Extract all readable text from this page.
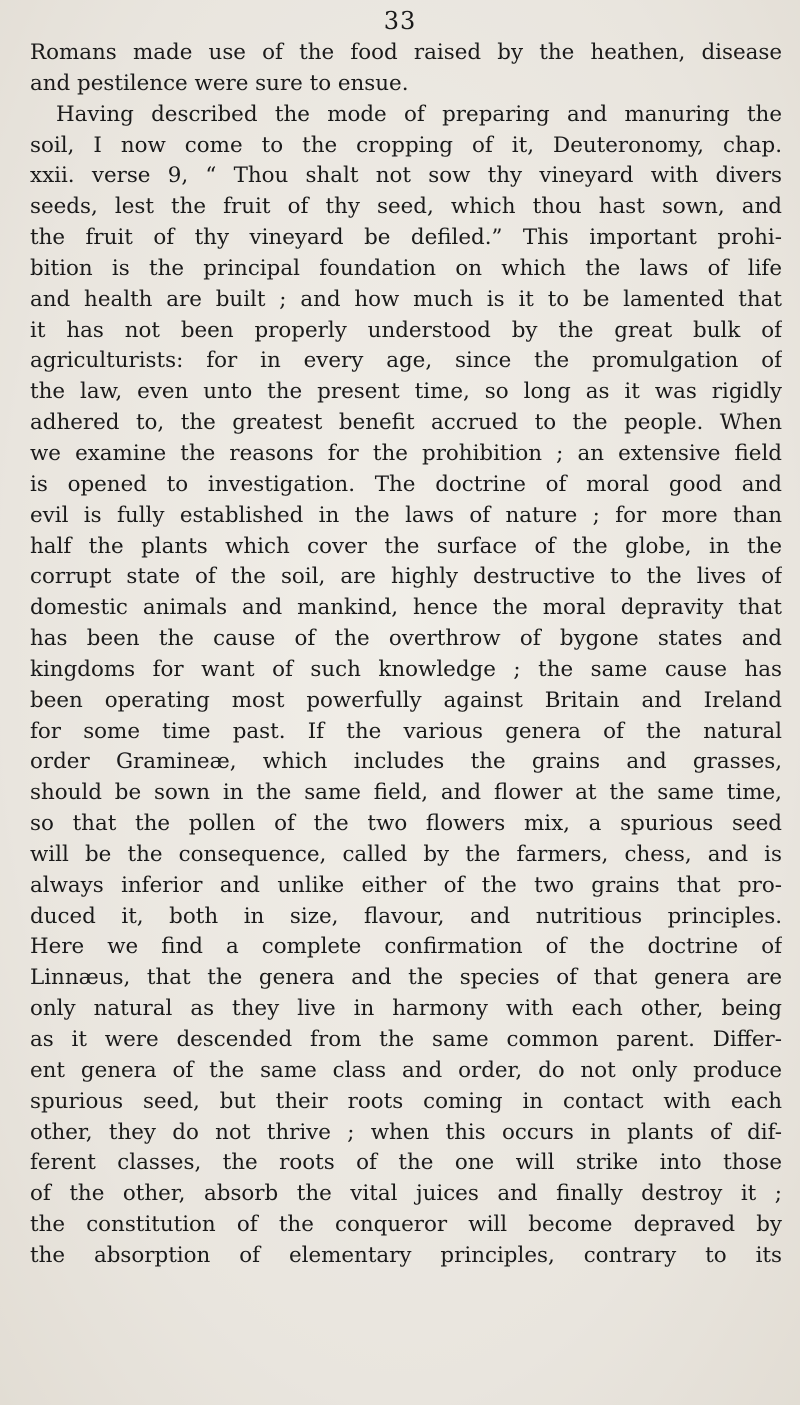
33
Romans made use of the food raised by the heathen, disease
and pestilence were sure to ensue.
Having described the mode of preparing and manuring the
soil, I now come to the cropping of it, Deuteronomy, chap.
xxii. verse 9, “ Thou shalt not sow thy vineyard with divers
seeds, lest the fruit of thy seed, which thou hast sown, and
the fruit of thy vineyard be defiled.” This important prohi-
bition is the principal foundation on which the laws of life
and health are built ; and how much is it to be lamented that
it has not been properly understood by the great bulk of
agriculturists: for in every age, since the promulgation of
the law, even unto the present time, so long as it was rigidly
adhered to, the greatest benefit accrued to the people. When
we examine the reasons for the prohibition ; an extensive field
is opened to investigation. The doctrine of moral good and
evil is fully established in the laws of nature ; for more than
half the plants which cover the surface of the globe, in the
corrupt state of the soil, are highly destructive to the lives of
domestic animals and mankind, hence the moral depravity that
has been the cause of the overthrow of bygone states and
kingdoms for want of such knowledge ; the same cause has
been operating most powerfully against Britain and Ireland
for some time past. If the various genera of the natural
order Gramineæ, which includes the grains and grasses,
should be sown in the same field, and flower at the same time,
so that the pollen of the two flowers mix, a spurious seed
will be the consequence, called by the farmers, chess, and is
always inferior and unlike either of the two grains that pro-
duced it, both in size, flavour, and nutritious principles.
Here we find a complete confirmation of the doctrine of
Linnæus, that the genera and the species of that genera are
only natural as they live in harmony with each other, being
as it were descended from the same common parent. Differ-
ent genera of the same class and order, do not only produce
spurious seed, but their roots coming in contact with each
other, they do not thrive ; when this occurs in plants of dif-
ferent classes, the roots of the one will strike into those
of the other, absorb the vital juices and finally destroy it ;
the constitution of the conqueror will become depraved by
the absorption of elementary principles, contrary to its
